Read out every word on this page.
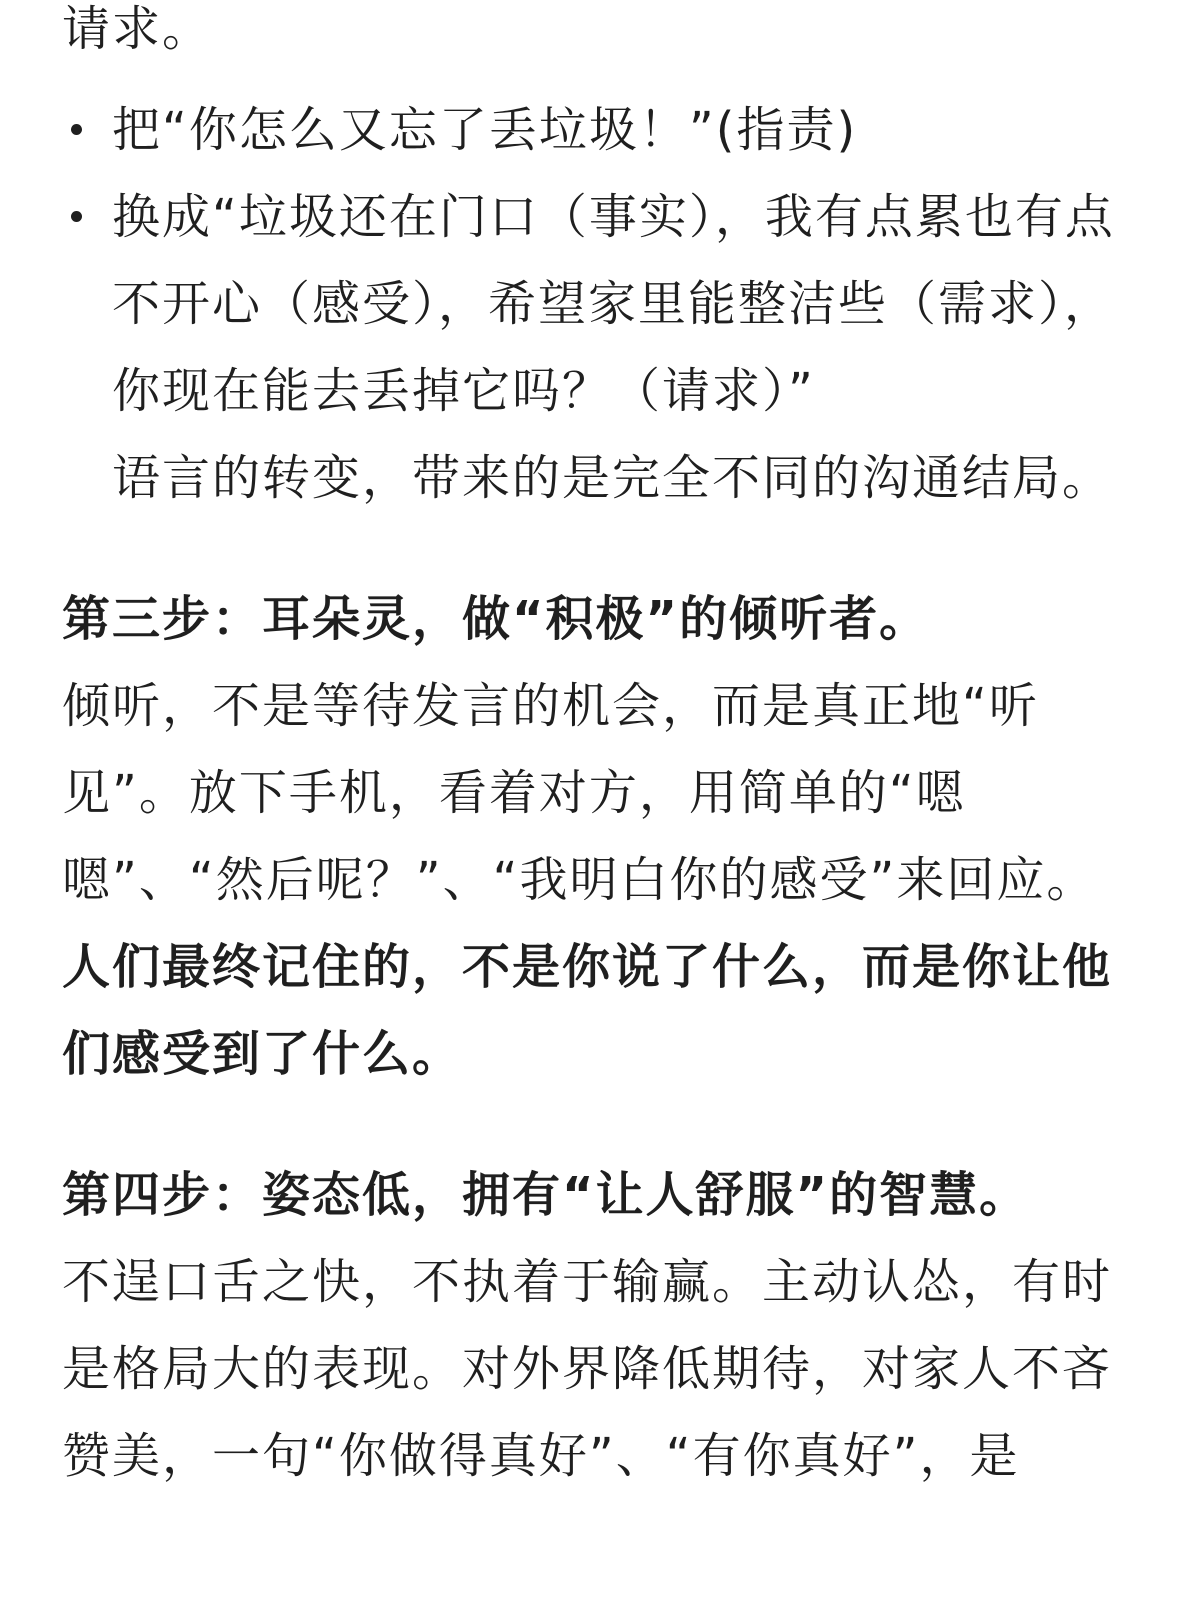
请求。

把“你怎么又忘了丢垃圾！”(指责)
换成“垃圾还在门口（事实），我有点累也有点不开心（感受），希望家里能整洁些（需求），你现在能去丢掉它吗？（请求）”

语言的转变，带来的是完全不同的沟通结局。

第三步：耳朵灵，做“积极”的倾听者。

倾听，不是等待发言的机会，而是真正地“听见”。放下手机，看着对方，用简单的“嗯嗯”、“然后呢？”、“我明白你的感受”来回应。人们最终记住的，不是你说了什么，而是你让他们感受到了什么。

第四步：姿态低，拥有“让人舒服”的智慧。

不逞口舌之快，不执着于输赢。主动认怂，有时是格局大的表现。对外界降低期待，对家人不吝赞美，一句“你做得真好”、“有你真好”，是
